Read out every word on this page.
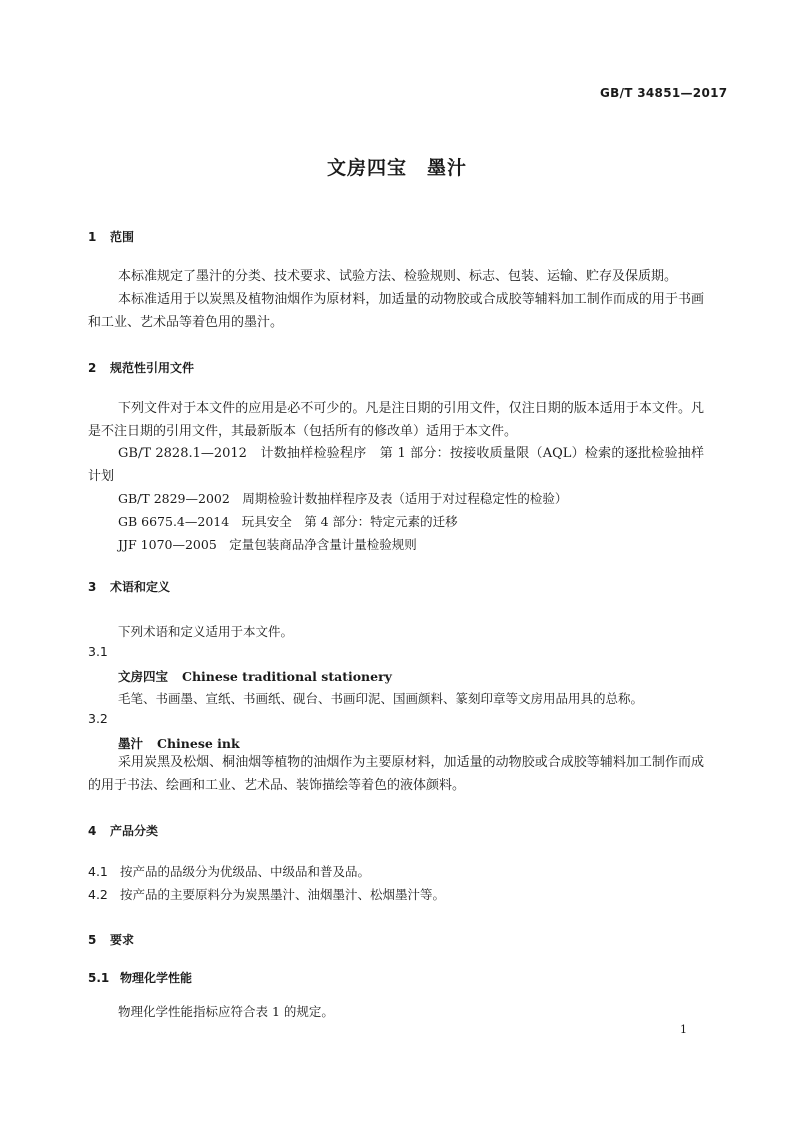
GB/T 34851—2017
文房四宝　墨汁
1 范围
本标准规定了墨汁的分类、技术要求、试验方法、检验规则、标志、包装、运输、贮存及保质期。
本标准适用于以炭黑及植物油烟作为原材料，加适量的动物胶或合成胶等辅料加工制作而成的用于书画和工业、艺术品等着色用的墨汁。
2 规范性引用文件
下列文件对于本文件的应用是必不可少的。凡是注日期的引用文件，仅注日期的版本适用于本文件。凡是不注日期的引用文件，其最新版本（包括所有的修改单）适用于本文件。
GB/T 2828.1—2012　计数抽样检验程序　第 1 部分：按接收质量限（AQL）检索的逐批检验抽样计划
GB/T 2829—2002　周期检验计数抽样程序及表（适用于对过程稳定性的检验）
GB 6675.4—2014　玩具安全　第 4 部分：特定元素的迁移
JJF 1070—2005　定量包装商品净含量计量检验规则
3 术语和定义
下列术语和定义适用于本文件。
3.1
文房四宝 Chinese traditional stationery
毛笔、书画墨、宣纸、书画纸、砚台、书画印泥、国画颜料、篆刻印章等文房用品用具的总称。
3.2
墨汁 Chinese ink
采用炭黑及松烟、桐油烟等植物的油烟作为主要原材料，加适量的动物胶或合成胶等辅料加工制作而成的用于书法、绘画和工业、艺术品、装饰描绘等着色的液体颜料。
4 产品分类
4.1 按产品的品级分为优级品、中级品和普及品。
4.2 按产品的主要原料分为炭黑墨汁、油烟墨汁、松烟墨汁等。
5 要求
5.1 物理化学性能
物理化学性能指标应符合表 1 的规定。
1
